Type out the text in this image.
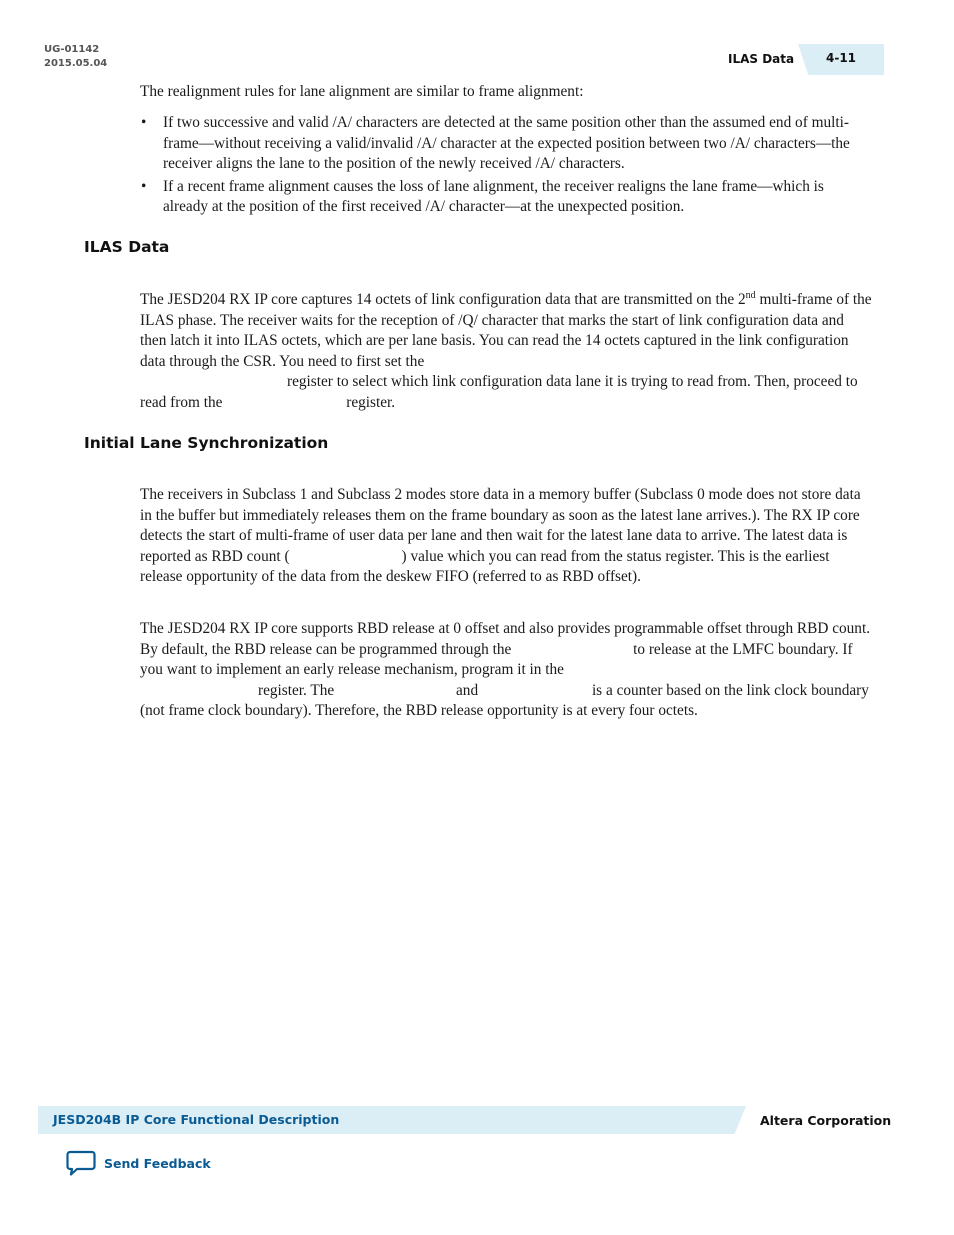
UG-01142
2015.05.04	ILAS Data	4-11

The realignment rules for lane alignment are similar to frame alignment:

• If two successive and valid /A/ characters are detected at the same position other than the assumed end of multi-frame—without receiving a valid/invalid /A/ character at the expected position between two /A/ characters—the receiver aligns the lane to the position of the newly received /A/ characters.
• If a recent frame alignment causes the loss of lane alignment, the receiver realigns the lane frame—which is already at the position of the first received /A/ character—at the unexpected position.
ILAS Data

The JESD204 RX IP core captures 14 octets of link configuration data that are transmitted on the 2nd multi-frame of the ILAS phase. The receiver waits for the reception of /Q/ character that marks the start of link configuration data and then latch it into ILAS octets, which are per lane basis. You can read the 14 octets captured in the link configuration data through the CSR. You need to first set the
register to select which link configuration data lane it is trying to read from. Then, proceed to read from the	register.

Initial Lane Synchronization

The receivers in Subclass 1 and Subclass 2 modes store data in a memory buffer (Subclass 0 mode does not store data in the buffer but immediately releases them on the frame boundary as soon as the latest lane arrives.). The RX IP core detects the start of multi-frame of user data per lane and then wait for the latest lane data to arrive. The latest data is reported as RBD count (	) value which you can read from the status register. This is the earliest release opportunity of the data from the deskew FIFO (referred to as RBD offset).

The JESD204 RX IP core supports RBD release at 0 offset and also provides programmable offset through RBD count. By default, the RBD release can be programmed through the	to release at the LMFC boundary. If you want to implement an early release mechanism, program it in the
register. The	and	is a counter based on the link clock boundary (not frame clock boundary). Therefore, the RBD release opportunity is at every four octets.

JESD204B IP Core Functional Description	Altera Corporation
Send Feedback
